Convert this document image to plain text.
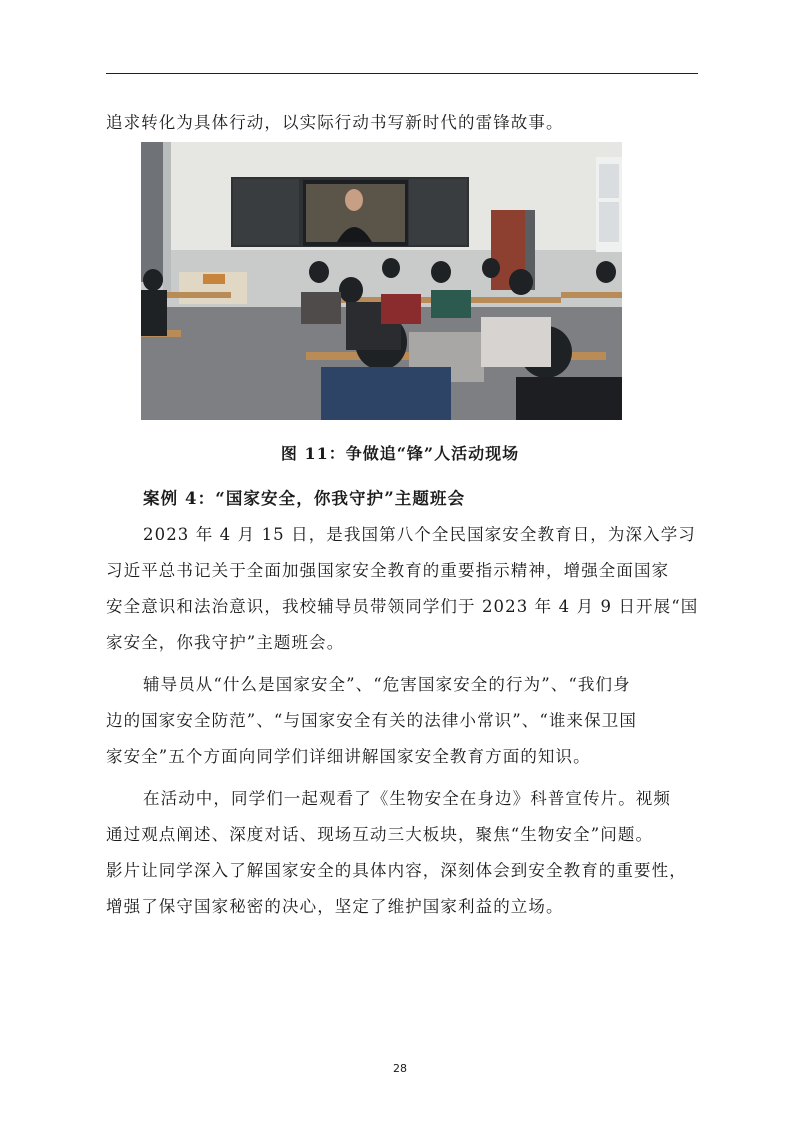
追求转化为具体行动，以实际行动书写新时代的雷锋故事。
图 11：争做追“锋”人活动现场
案例 4：“国家安全，你我守护”主题班会
2023 年 4 月 15 日，是我国第八个全民国家安全教育日，为深入学习
习近平总书记关于全面加强国家安全教育的重要指示精神，增强全面国家
安全意识和法治意识，我校辅导员带领同学们于 2023 年 4 月 9 日开展“国
家安全，你我守护”主题班会。
辅导员从“什么是国家安全”、“危害国家安全的行为”、“我们身
边的国家安全防范”、“与国家安全有关的法律小常识”、“谁来保卫国
家安全”五个方面向同学们详细讲解国家安全教育方面的知识。
在活动中，同学们一起观看了《生物安全在身边》科普宣传片。视频
通过观点阐述、深度对话、现场互动三大板块，聚焦“生物安全”问题。
影片让同学深入了解国家安全的具体内容，深刻体会到安全教育的重要性，
增强了保守国家秘密的决心，坚定了维护国家利益的立场。
28
